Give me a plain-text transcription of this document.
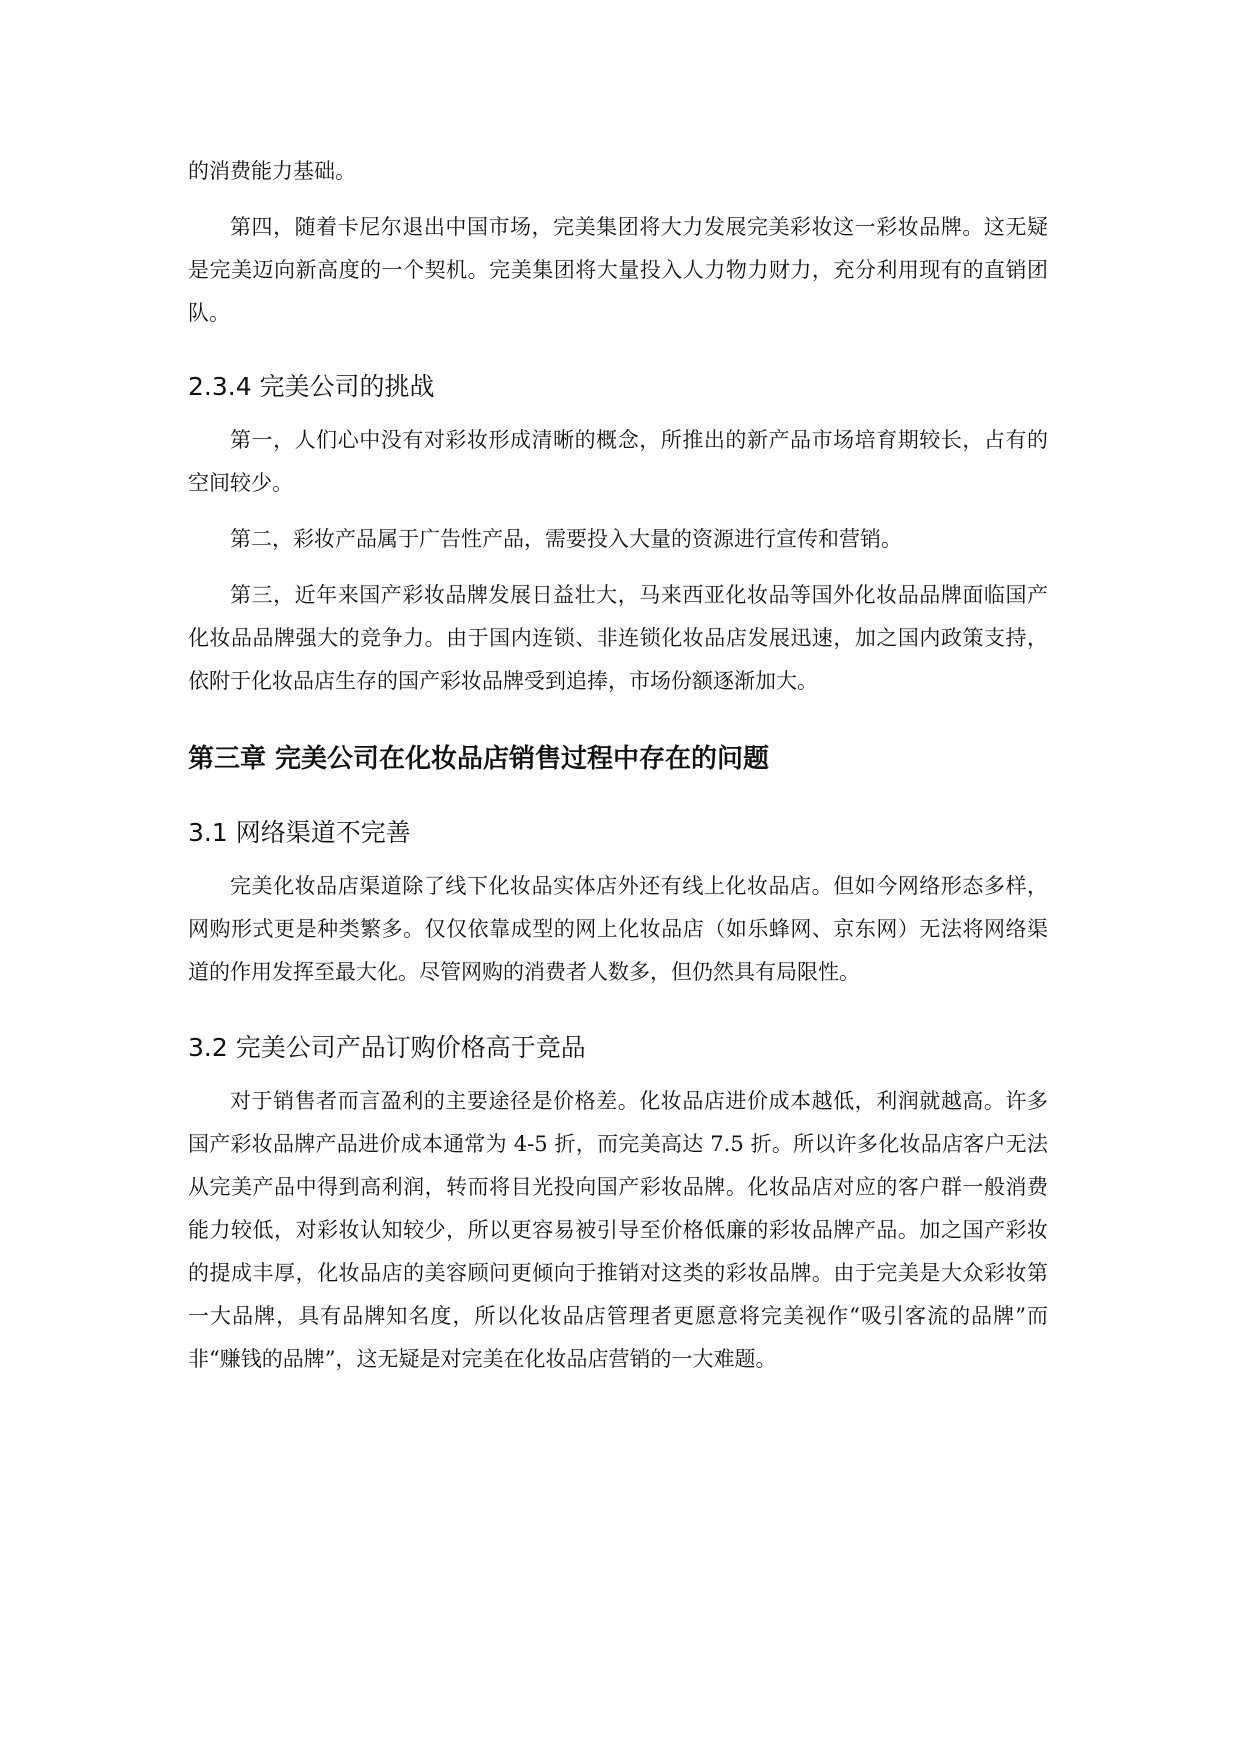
的消费能力基础。

第四，随着卡尼尔退出中国市场，完美集团将大力发展完美彩妆这一彩妆品牌。这无疑是完美迈向新高度的一个契机。完美集团将大量投入人力物力财力，充分利用现有的直销团队。

2.3.4 完美公司的挑战

第一，人们心中没有对彩妆形成清晰的概念，所推出的新产品市场培育期较长，占有的空间较少。

第二，彩妆产品属于广告性产品，需要投入大量的资源进行宣传和营销。

第三，近年来国产彩妆品牌发展日益壮大，马来西亚化妆品等国外化妆品品牌面临国产化妆品品牌强大的竞争力。由于国内连锁、非连锁化妆品店发展迅速，加之国内政策支持，依附于化妆品店生存的国产彩妆品牌受到追捧，市场份额逐渐加大。

第三章 完美公司在化妆品店销售过程中存在的问题
3.1 网络渠道不完善

完美化妆品店渠道除了线下化妆品实体店外还有线上化妆品店。但如今网络形态多样，网购形式更是种类繁多。仅仅依靠成型的网上化妆品店（如乐蜂网、京东网）无法将网络渠道的作用发挥至最大化。尽管网购的消费者人数多，但仍然具有局限性。

3.2 完美公司产品订购价格高于竞品

对于销售者而言盈利的主要途径是价格差。化妆品店进价成本越低，利润就越高。许多国产彩妆品牌产品进价成本通常为 4-5 折，而完美高达 7.5 折。所以许多化妆品店客户无法从完美产品中得到高利润，转而将目光投向国产彩妆品牌。化妆品店对应的客户群一般消费能力较低，对彩妆认知较少，所以更容易被引导至价格低廉的彩妆品牌产品。加之国产彩妆的提成丰厚，化妆品店的美容顾问更倾向于推销对这类的彩妆品牌。由于完美是大众彩妆第一大品牌，具有品牌知名度，所以化妆品店管理者更愿意将完美视作“吸引客流的品牌”而非“赚钱的品牌”，这无疑是对完美在化妆品店营销的一大难题。
